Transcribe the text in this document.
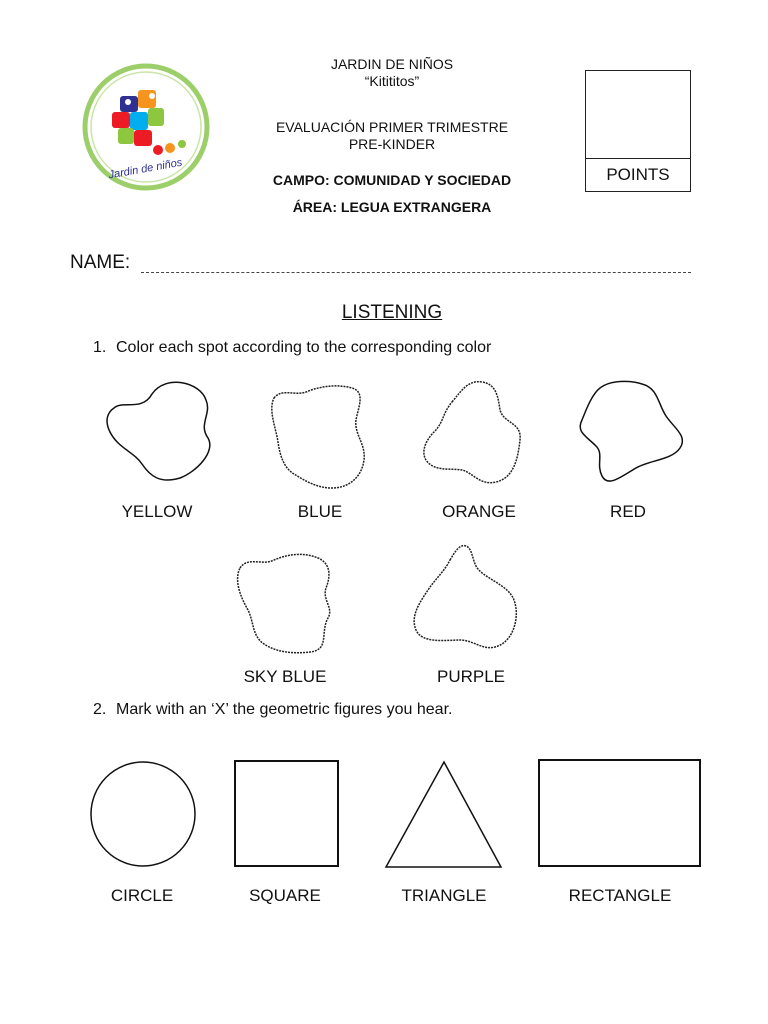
Jardin de niños
JARDIN DE NIÑOS
“Kitititos”
EVALUACIÓN PRIMER TRIMESTRE
PRE-KINDER
CAMPO: COMUNIDAD Y SOCIEDAD
ÁREA: LEGUA EXTRANGERA
POINTS
NAME:
LISTENING
1. Color each spot according to the corresponding color
YELLOW	BLUE	ORANGE	RED
SKY BLUE	PURPLE
2. Mark with an ‘X’ the geometric figures you hear.
CIRCLE	SQUARE	TRIANGLE	RECTANGLE
